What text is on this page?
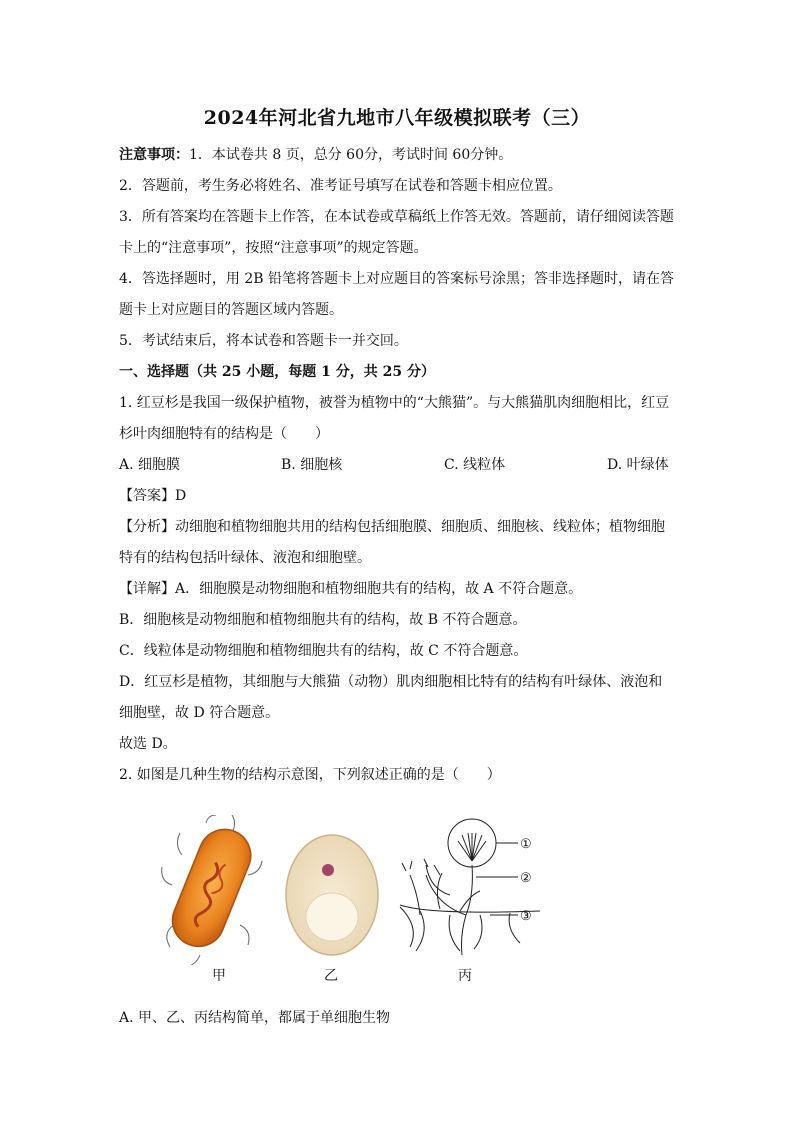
2024年河北省九地市八年级模拟联考（三）
注意事项：1．本试卷共 8 页，总分 60分，考试时间 60分钟。
2．答题前，考生务必将姓名、准考证号填写在试卷和答题卡相应位置。
3．所有答案均在答题卡上作答，在本试卷或草稿纸上作答无效。答题前，请仔细阅读答题
卡上的“注意事项”，按照“注意事项”的规定答题。
4．答选择题时，用 2B 铅笔将答题卡上对应题目的答案标号涂黑；答非选择题时，请在答
题卡上对应题目的答题区域内答题。
5．考试结束后，将本试卷和答题卡一并交回。
一、选择题（共 25 小题，每题 1 分，共 25 分）
1. 红豆杉是我国一级保护植物，被誉为植物中的“大熊猫”。与大熊猫肌肉细胞相比，红豆
杉叶肉细胞特有的结构是（　　）
A. 细胞膜	B. 细胞核	C. 线粒体	D. 叶绿体
【答案】D
【分析】动细胞和植物细胞共用的结构包括细胞膜、细胞质、细胞核、线粒体；植物细胞
特有的结构包括叶绿体、液泡和细胞壁。
【详解】A．细胞膜是动物细胞和植物细胞共有的结构，故 A 不符合题意。
B．细胞核是动物细胞和植物细胞共有的结构，故 B 不符合题意。
C．线粒体是动物细胞和植物细胞共有的结构，故 C 不符合题意。
D．红豆杉是植物，其细胞与大熊猫（动物）肌肉细胞相比特有的结构有叶绿体、液泡和
细胞壁，故 D 符合题意。
故选 D。
2. 如图是几种生物的结构示意图，下列叙述正确的是（　　）
①
②
③
甲	乙	丙
A. 甲、乙、丙结构简单，都属于单细胞生物
